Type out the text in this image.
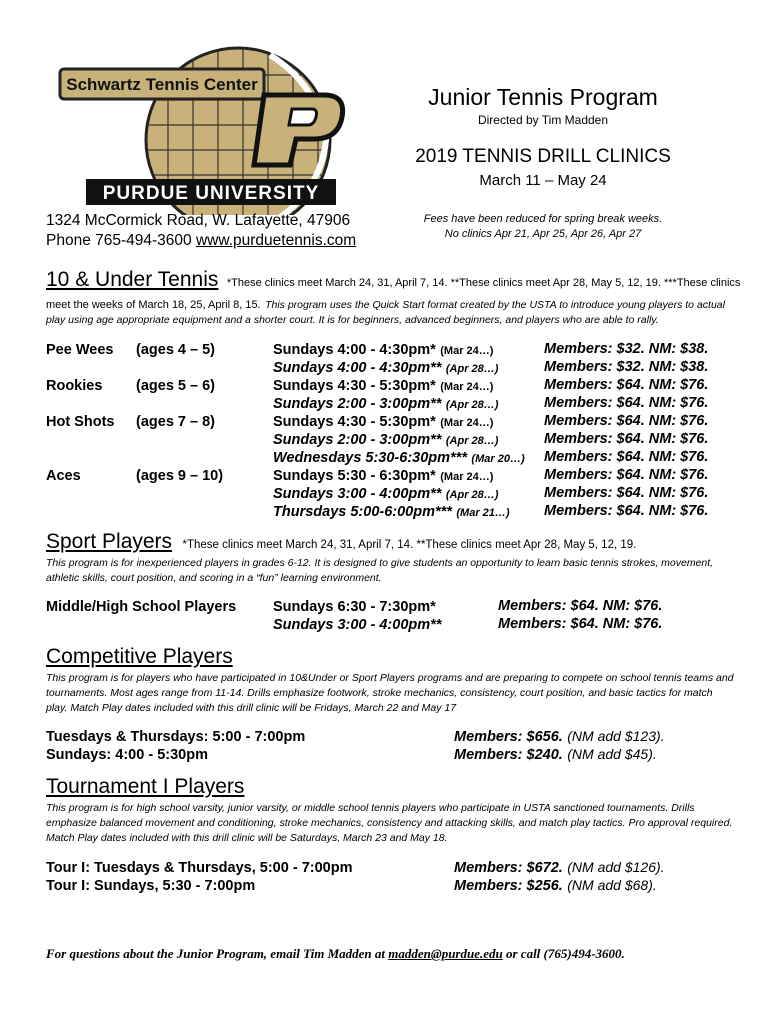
Schwartz Tennis Center
PURDUE UNIVERSITY
1324 McCormick Road, W. Lafayette, 47906
Phone 765-494-3600 www.purduetennis.com
Junior Tennis Program
Directed by Tim Madden
2019 TENNIS DRILL CLINICS
March 11 – May 24
Fees have been reduced for spring break weeks.
No clinics Apr 21, Apr 25, Apr 26, Apr 27
10 & Under Tennis *These clinics meet March 24, 31, April 7, 14. **These clinics meet Apr 28, May 5, 12, 19. ***These clinics
meet the weeks of March 18, 25, April 8, 15. This program uses the Quick Start format created by the USTA to introduce young players to actual
play using age appropriate equipment and a shorter court. It is for beginners, advanced beginners, and players who are able to rally.
Pee Wees (ages 4 – 5)	Sundays 4:00 - 4:30pm* (Mar 24…)	Members: $32. NM: $38.
Sundays 4:00 - 4:30pm** (Apr 28…)	Members: $32. NM: $38.
Rookies (ages 5 – 6)	Sundays 4:30 - 5:30pm* (Mar 24…)	Members: $64. NM: $76.
Sundays 2:00 - 3:00pm** (Apr 28…)	Members: $64. NM: $76.
Hot Shots (ages 7 – 8)	Sundays 4:30 - 5:30pm* (Mar 24…)	Members: $64. NM: $76.
Sundays 2:00 - 3:00pm** (Apr 28…)	Members: $64. NM: $76.
Wednesdays 5:30-6:30pm*** (Mar 20…) Members: $64. NM: $76.
Aces	(ages 9 – 10)	Sundays 5:30 - 6:30pm* (Mar 24…)	Members: $64. NM: $76.
Sundays 3:00 - 4:00pm** (Apr 28…)	Members: $64. NM: $76.
Thursdays 5:00-6:00pm*** (Mar 21…) Members: $64. NM: $76.
Sport Players *These clinics meet March 24, 31, April 7, 14. **These clinics meet Apr 28, May 5, 12, 19.
This program is for inexperienced players in grades 6-12. It is designed to give students an opportunity to learn basic tennis strokes, movement,
athletic skills, court position, and scoring in a “fun” learning environment.
Middle/High School Players	Sundays 6:30 - 7:30pm*	Members: $64. NM: $76.
Sundays 3:00 - 4:00pm**	Members: $64. NM: $76.
Competitive Players
This program is for players who have participated in 10&Under or Sport Players programs and are preparing to compete on school tennis teams and
tournaments. Most ages range from 11-14. Drills emphasize footwork, stroke mechanics, consistency, court position, and basic tactics for match
play. Match Play dates included with this drill clinic will be Fridays, March 22 and May 17
Tuesdays & Thursdays: 5:00 - 7:00pm	Members: $656. (NM add $123).
Sundays: 4:00 - 5:30pm	Members: $240. (NM add $45).
Tournament I Players
This program is for high school varsity, junior varsity, or middle school tennis players who participate in USTA sanctioned tournaments. Drills
emphasize balanced movement and conditioning, stroke mechanics, consistency and attacking skills, and match play tactics. Pro approval required.
Match Play dates included with this drill clinic will be Saturdays, March 23 and May 18.
Tour I: Tuesdays & Thursdays, 5:00 - 7:00pm	Members: $672. (NM add $126).
Tour I: Sundays, 5:30 - 7:00pm	Members: $256. (NM add $68).
For questions about the Junior Program, email Tim Madden at madden@purdue.edu or call (765)494-3600.
